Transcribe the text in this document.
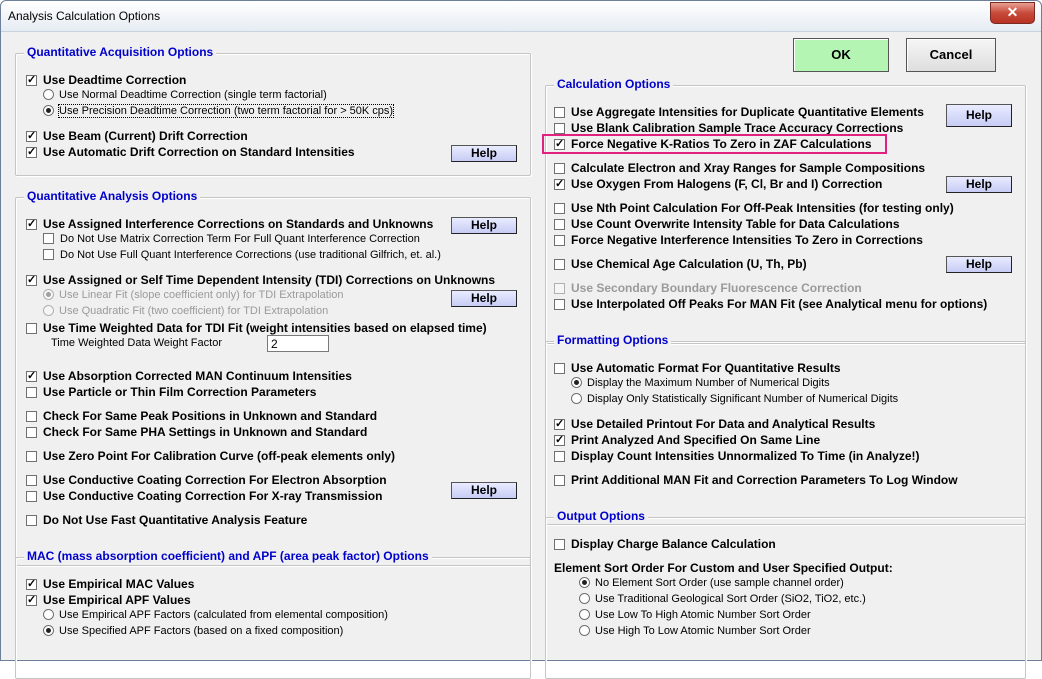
Analysis Calculation Options	✕
Quantitative Acquisition Options
✓Use Deadtime Correction
Use Normal Deadtime Correction (single term factorial)
Use Precision Deadtime Correction (two term factorial for > 50K cps)
✓Use Beam (Current) Drift Correction
✓Use Automatic Drift Correction on Standard Intensities	Help
Quantitative Analysis Options
✓Use Assigned Interference Corrections on Standards and Unknowns	Help
Do Not Use Matrix Correction Term For Full Quant Interference Correction
Do Not Use Full Quant Interference Corrections (use traditional Gilfrich, et. al.)
✓Use Assigned or Self Time Dependent Intensity (TDI) Corrections on Unknowns
Use Linear Fit (slope coefficient only) for TDI Extrapolation	Help
Use Quadratic Fit (two coefficient) for TDI Extrapolation
Use Time Weighted Data for TDI Fit (weight intensities based on elapsed time)
Time Weighted Data Weight Factor	2
✓Use Absorption Corrected MAN Continuum Intensities
Use Particle or Thin Film Correction Parameters
Check For Same Peak Positions in Unknown and Standard
Check For Same PHA Settings in Unknown and Standard
Use Zero Point For Calibration Curve (off-peak elements only)
Use Conductive Coating Correction For Electron Absorption
Help
Use Conductive Coating Correction For X-ray Transmission
Do Not Use Fast Quantitative Analysis Feature
MAC (mass absorption coefficient) and APF (area peak factor) Options
✓Use Empirical MAC Values
✓Use Empirical APF Values
Use Empirical APF Factors (calculated from elemental composition)
Use Specified APF Factors (based on a fixed composition)
OK	Cancel
Calculation Options
Use Aggregate Intensities for Duplicate Quantitative Elements	Help
Use Blank Calibration Sample Trace Accuracy Corrections
✓Force Negative K-Ratios To Zero in ZAF Calculations
Calculate Electron and Xray Ranges for Sample Compositions
✓Use Oxygen From Halogens (F, Cl, Br and I) Correction	Help
Use Nth Point Calculation For Off-Peak Intensities (for testing only)
Use Count Overwrite Intensity Table for Data Calculations
Force Negative Interference Intensities To Zero in Corrections
Use Chemical Age Calculation (U, Th, Pb)	Help
Use Secondary Boundary Fluorescence Correction
Use Interpolated Off Peaks For MAN Fit (see Analytical menu for options)
Formatting Options
Use Automatic Format For Quantitative Results
Display the Maximum Number of Numerical Digits
Display Only Statistically Significant Number of Numerical Digits
✓Use Detailed Printout For Data and Analytical Results
✓Print Analyzed And Specified On Same Line
Display Count Intensities Unnormalized To Time (in Analyze!)
Print Additional MAN Fit and Correction Parameters To Log Window
Output Options
Display Charge Balance Calculation
Element Sort Order For Custom and User Specified Output:
No Element Sort Order (use sample channel order)
Use Traditional Geological Sort Order (SiO2, TiO2, etc.)
Use Low To High Atomic Number Sort Order
Use High To Low Atomic Number Sort Order
